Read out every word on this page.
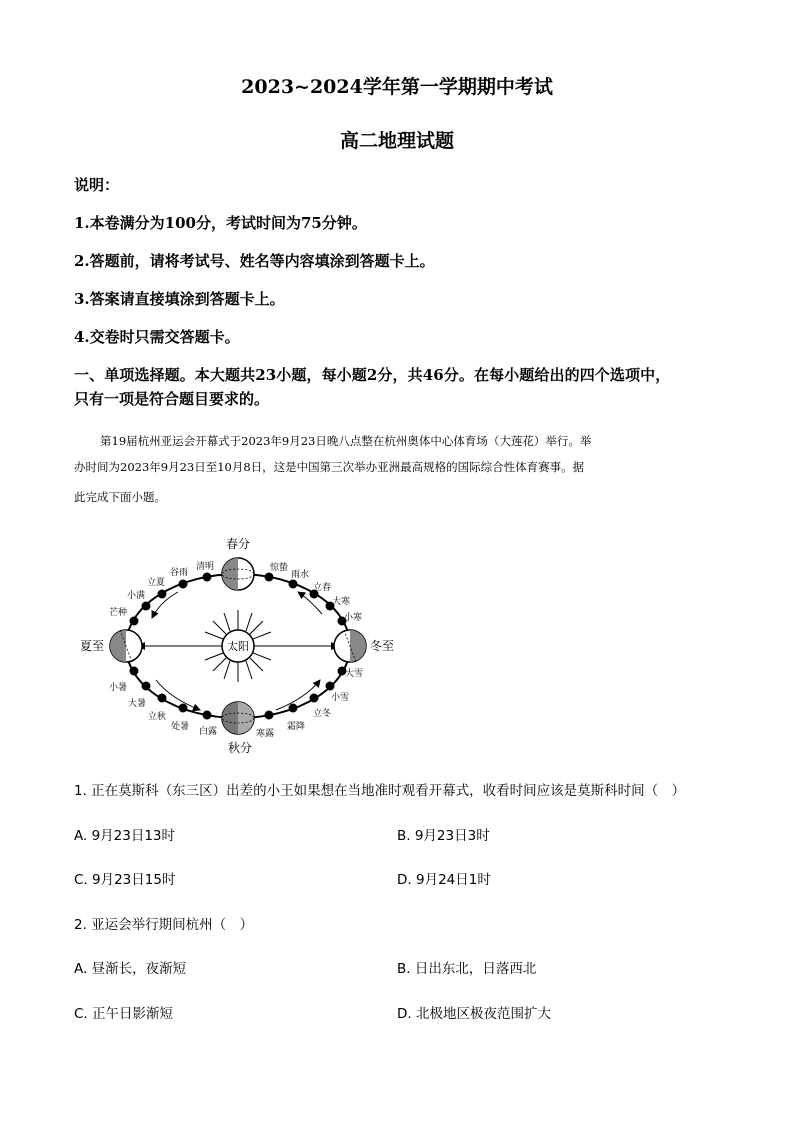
2023~2024学年第一学期期中考试
高二地理试题
说明：
1.本卷满分为100分，考试时间为75分钟。
2.答题前，请将考试号、姓名等内容填涂到答题卡上。
3.答案请直接填涂到答题卡上。
4.交卷时只需交答题卡。
一、单项选择题。本大题共23小题，每小题2分，共46分。在每小题给出的四个选项中，
只有一项是符合题目要求的。
第19届杭州亚运会开幕式于2023年9月23日晚八点整在杭州奥体中心体育场（大莲花）举行。举
办时间为2023年9月23日至10月8日，这是中国第三次举办亚洲最高规格的国际综合性体育赛事。据
此完成下面小题。
太阳
春分
秋分
夏至	冬至
清明
谷雨
立夏
小满
芒种
小暑
大暑
立秋
处暑 白露	寒露
霜降
立冬
小雪
大雪
小寒
大寒
立春
雨水
惊蛰
1. 正在莫斯科（东三区）出差的小王如果想在当地准时观看开幕式，收看时间应该是莫斯科时间（　）
A. 9月23日13时	B. 9月23日3时
C. 9月23日15时	D. 9月24日1时
2. 亚运会举行期间杭州（　）
A. 昼渐长，夜渐短	B. 日出东北，日落西北
C. 正午日影渐短	D. 北极地区极夜范围扩大
